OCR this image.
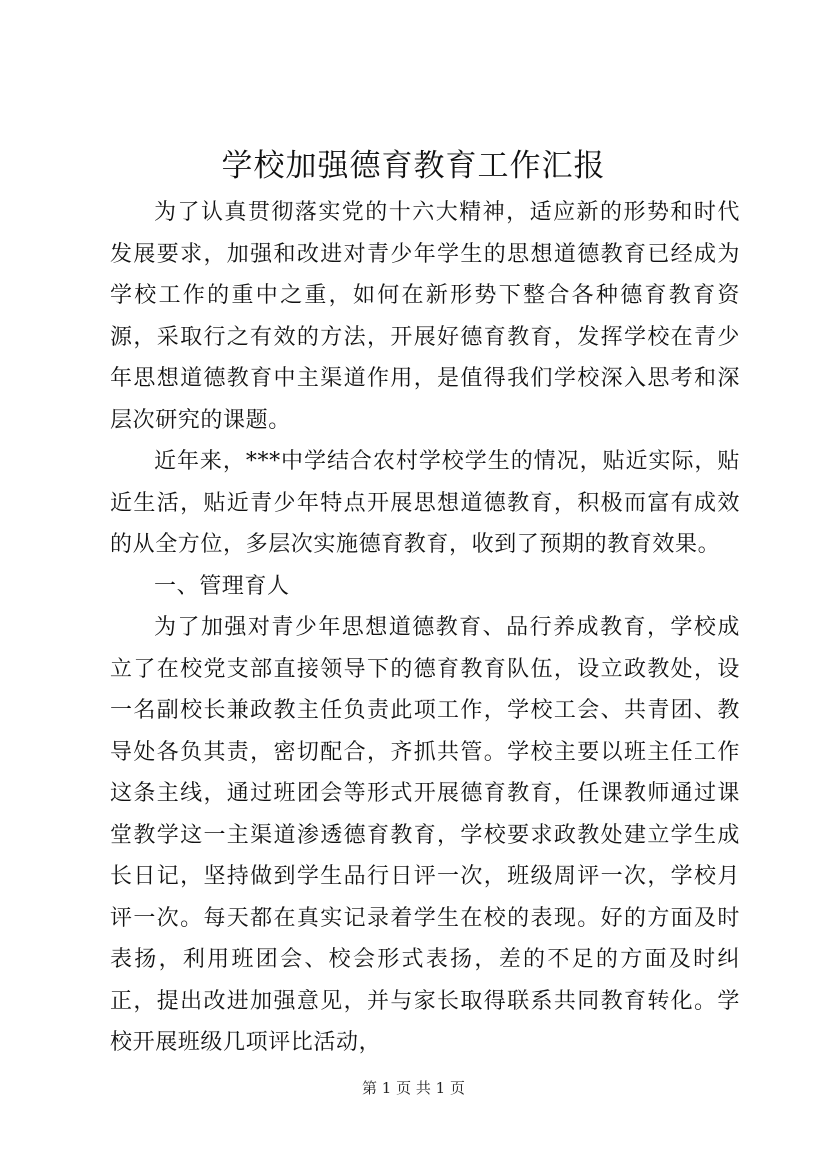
学校加强德育教育工作汇报

为了认真贯彻落实党的十六大精神，适应新的形势和时代发展要求，加强和改进对青少年学生的思想道德教育已经成为学校工作的重中之重，如何在新形势下整合各种德育教育资源，采取行之有效的方法，开展好德育教育，发挥学校在青少年思想道德教育中主渠道作用，是值得我们学校深入思考和深层次研究的课题。

近年来，***中学结合农村学校学生的情况，贴近实际，贴近生活，贴近青少年特点开展思想道德教育，积极而富有成效的从全方位，多层次实施德育教育，收到了预期的教育效果。

一、管理育人

为了加强对青少年思想道德教育、品行养成教育，学校成立了在校党支部直接领导下的德育教育队伍，设立政教处，设一名副校长兼政教主任负责此项工作，学校工会、共青团、教导处各负其责，密切配合，齐抓共管。学校主要以班主任工作这条主线，通过班团会等形式开展德育教育，任课教师通过课堂教学这一主渠道渗透德育教育，学校要求政教处建立学生成长日记，坚持做到学生品行日评一次，班级周评一次，学校月评一次。每天都在真实记录着学生在校的表现。好的方面及时表扬，利用班团会、校会形式表扬，差的不足的方面及时纠正，提出改进加强意见，并与家长取得联系共同教育转化。学校开展班级几项评比活动，

第 1 页 共 1 页
